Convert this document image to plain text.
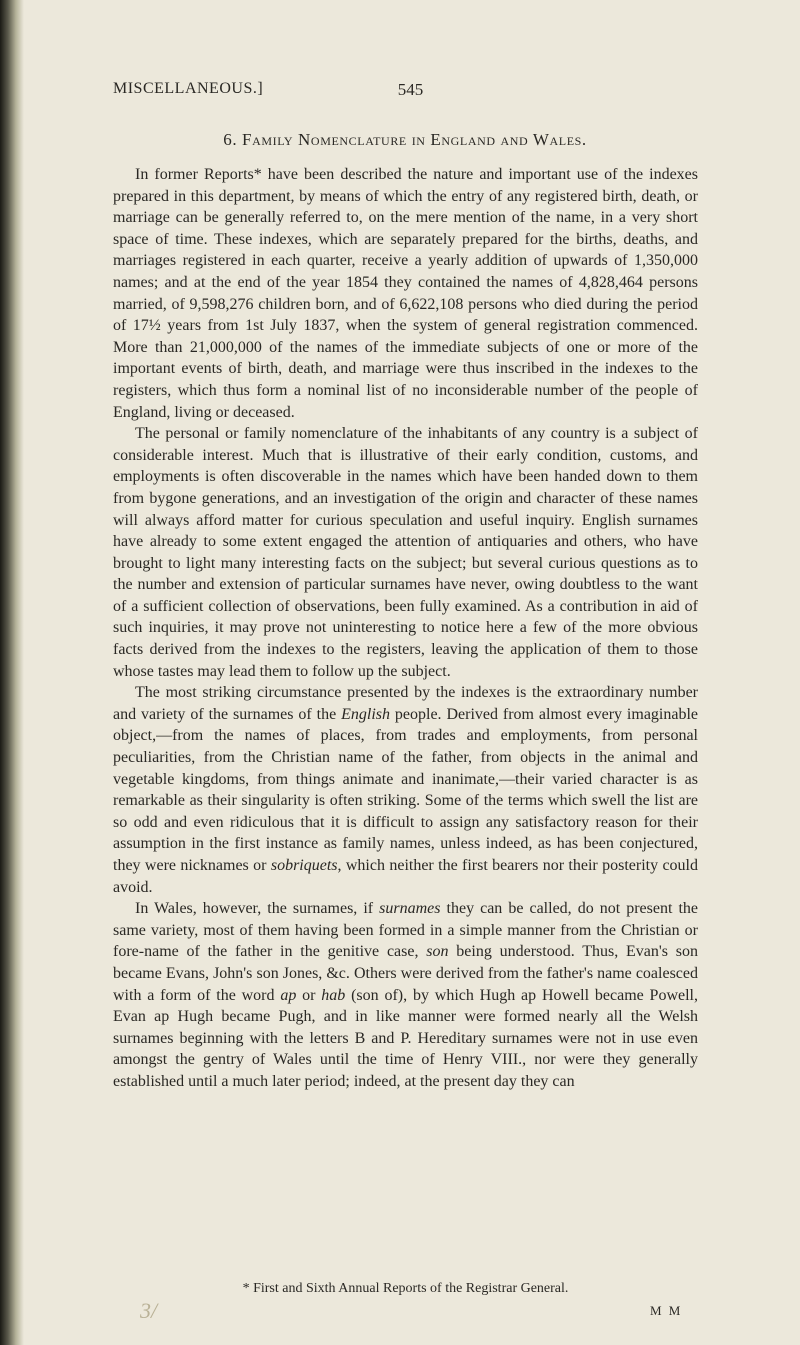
MISCELLANEOUS.]	545
6. Family Nomenclature in England and Wales.

In former Reports* have been described the nature and important use of the indexes prepared in this department, by means of which the entry of any registered birth, death, or marriage can be generally referred to, on the mere mention of the name, in a very short space of time. These indexes, which are separately prepared for the births, deaths, and marriages registered in each quarter, receive a yearly addition of upwards of 1,350,000 names; and at the end of the year 1854 they contained the names of 4,828,464 persons married, of 9,598,276 children born, and of 6,622,108 persons who died during the period of 17½ years from 1st July 1837, when the system of general registration commenced. More than 21,000,000 of the names of the immediate subjects of one or more of the important events of birth, death, and marriage were thus inscribed in the indexes to the registers, which thus form a nominal list of no inconsiderable number of the people of England, living or deceased.

The personal or family nomenclature of the inhabitants of any country is a subject of considerable interest. Much that is illustrative of their early condition, customs, and employments is often discoverable in the names which have been handed down to them from bygone generations, and an investigation of the origin and character of these names will always afford matter for curious speculation and useful inquiry. English surnames have already to some extent engaged the attention of antiquaries and others, who have brought to light many interesting facts on the subject; but several curious questions as to the number and extension of particular surnames have never, owing doubtless to the want of a sufficient collection of observations, been fully examined. As a contribution in aid of such inquiries, it may prove not uninteresting to notice here a few of the more obvious facts derived from the indexes to the registers, leaving the application of them to those whose tastes may lead them to follow up the subject.

The most striking circumstance presented by the indexes is the extraordinary number and variety of the surnames of the English people. Derived from almost every imaginable object,—from the names of places, from trades and employments, from personal peculiarities, from the Christian name of the father, from objects in the animal and vegetable kingdoms, from things animate and inanimate,—their varied character is as remarkable as their singularity is often striking. Some of the terms which swell the list are so odd and even ridiculous that it is difficult to assign any satisfactory reason for their assumption in the first instance as family names, unless indeed, as has been conjectured, they were nicknames or sobriquets, which neither the first bearers nor their posterity could avoid.

In Wales, however, the surnames, if surnames they can be called, do not present the same variety, most of them having been formed in a simple manner from the Christian or fore-name of the father in the genitive case, son being understood. Thus, Evan's son became Evans, John's son Jones, &c. Others were derived from the father's name coalesced with a form of the word ap or hab (son of), by which Hugh ap Howell became Powell, Evan ap Hugh became Pugh, and in like manner were formed nearly all the Welsh surnames beginning with the letters B and P. Hereditary surnames were not in use even amongst the gentry of Wales until the time of Henry VIII., nor were they generally established until a much later period; indeed, at the present day they can

* First and Sixth Annual Reports of the Registrar General.
M M
3/
